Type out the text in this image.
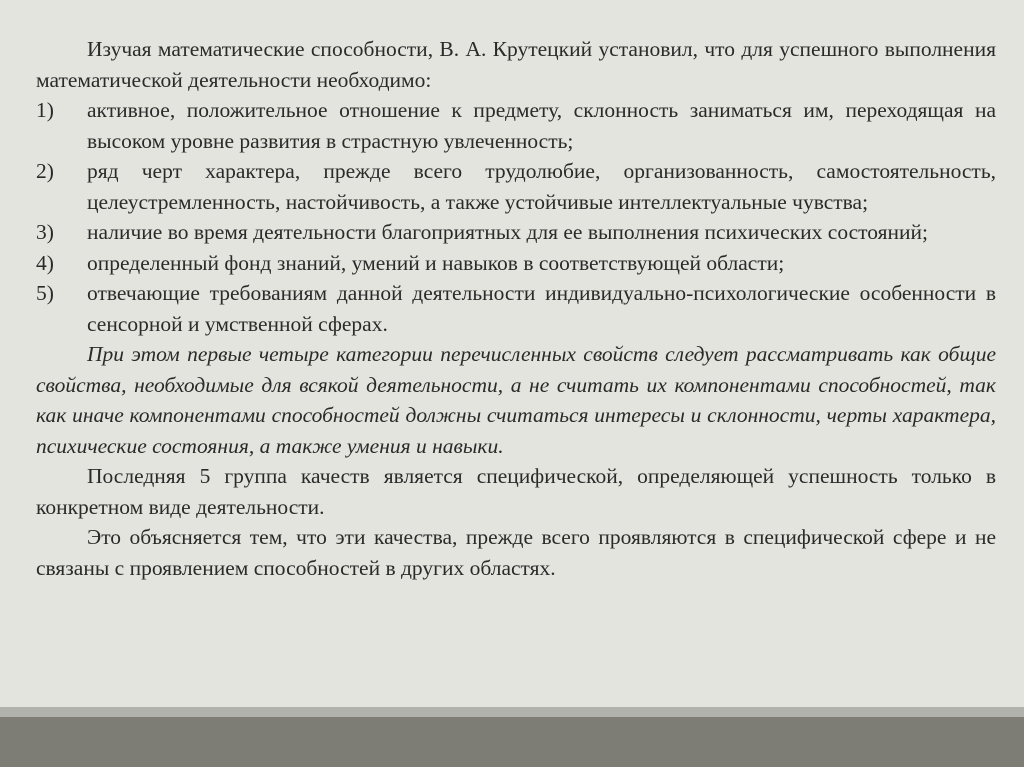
Изучая математические способности, В. А. Крутецкий установил, что для успешного выполнения математической деятельности необходимо:

1)	активное, положительное отношение к предмету, склонность заниматься им, переходящая на высоком уровне развития в страстную увлеченность;
2)	ряд черт характера, прежде всего трудолюбие, организованность, самостоятельность, целеустремленность, настойчивость, а также устойчивые интеллектуальные чувства;
3)	наличие во время деятельности благоприятных для ее выполнения психических состояний;
4)	определенный фонд знаний, умений и навыков в соответствующей области;
5)	отвечающие требованиям данной деятельности индивидуально-психологические особенности в сенсорной и умственной сферах.

При этом первые четыре категории перечисленных свойств следует рассматривать как общие свойства, необходимые для всякой деятельности, а не считать их компонентами способностей, так как иначе компонентами способностей должны считаться интересы и склонности, черты характера, психические состояния, а также умения и навыки.

Последняя 5 группа качеств является специфической, определяющей успешность только в конкретном виде деятельности.

Это объясняется тем, что эти качества, прежде всего проявляются в специфической сфере и не связаны с проявлением способностей в других областях.
